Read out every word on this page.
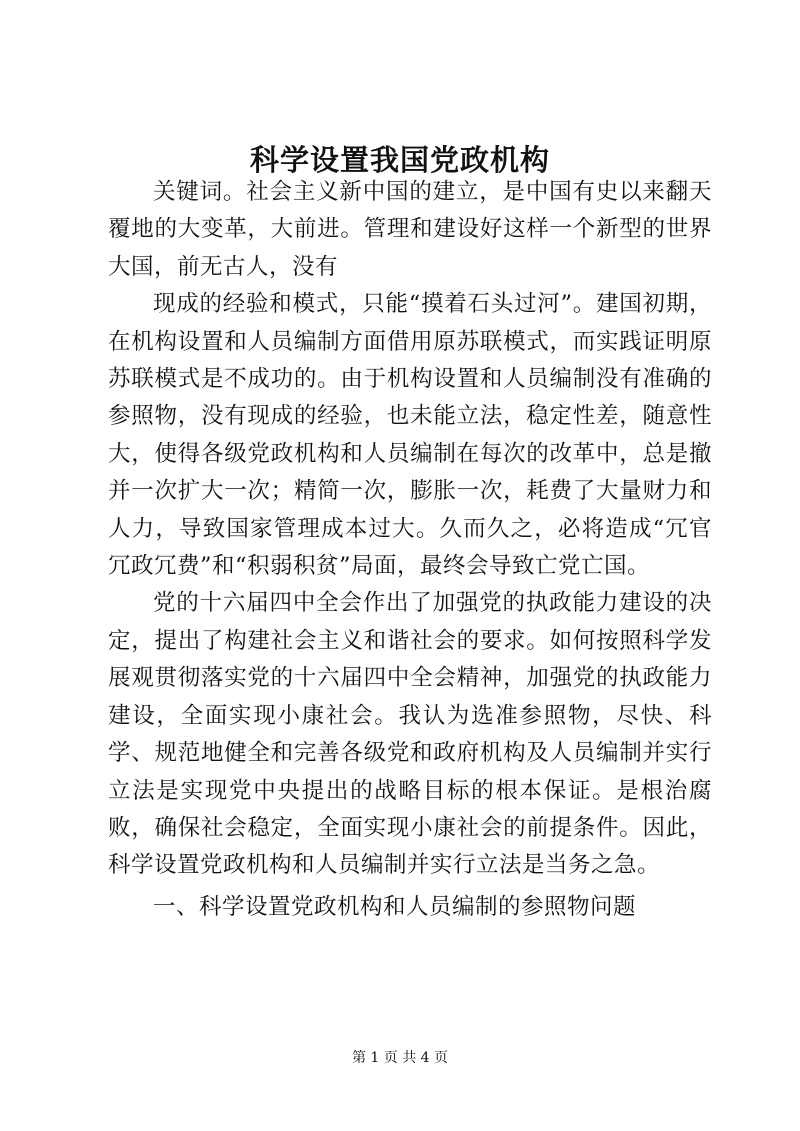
科学设置我国党政机构

关键词。社会主义新中国的建立，是中国有史以来翻天覆地的大变革，大前进。管理和建设好这样一个新型的世界大国，前无古人，没有

现成的经验和模式，只能“摸着石头过河”。建国初期，在机构设置和人员编制方面借用原苏联模式，而实践证明原苏联模式是不成功的。由于机构设置和人员编制没有准确的参照物，没有现成的经验，也未能立法，稳定性差，随意性大，使得各级党政机构和人员编制在每次的改革中，总是撤并一次扩大一次；精简一次，膨胀一次，耗费了大量财力和人力，导致国家管理成本过大。久而久之，必将造成“冗官冗政冗费”和“积弱积贫”局面，最终会导致亡党亡国。

党的十六届四中全会作出了加强党的执政能力建设的决定，提出了构建社会主义和谐社会的要求。如何按照科学发展观贯彻落实党的十六届四中全会精神，加强党的执政能力建设，全面实现小康社会。我认为选准参照物，尽快、科学、规范地健全和完善各级党和政府机构及人员编制并实行立法是实现党中央提出的战略目标的根本保证。是根治腐败，确保社会稳定，全面实现小康社会的前提条件。因此，科学设置党政机构和人员编制并实行立法是当务之急。

一、科学设置党政机构和人员编制的参照物问题

第 1 页 共 4 页
